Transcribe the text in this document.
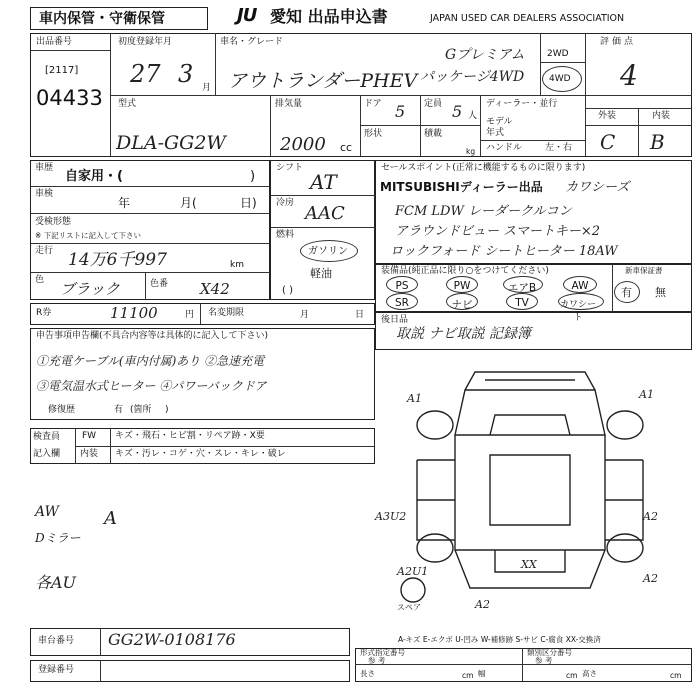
車内保管・守衛保管	JU 愛知 出品申込書	JAPAN USED CAR DEALERS ASSOCIATION
出品番号
[2117]
04433
初度登録年月
27 3 月
車名・グレード
アウトランダーPHEV
Gプレミアム
パッケージ4WD
2WD
4WD
評価点
4
外装	内装
C B
型式
DLA-GG2W
排気量
2000 cc
ドア 5 定員 5 人
形状	積載
kg
ディーラー・並行
モデル
年式
ハンドル	左・右
車歴
自家用・(	)
車検
年	月(	日)
受検形態
※ 下記リストに記入して下さい
走行 14万6千997	km
色 ブラック	色番 X42
シフト
AT
冷房 AAC
燃料
ガソリン
軽油
( )
セールスポイント(正常に機能するものに限ります)
MITSUBISHIディーラー出品 カワシーズ
FCM LDW レーダークルコン
アラウンドビュー スマートキー×2
ロックフォード シートヒーター 18AW
装備品(純正品に限り○をつけてください)
PS	PW	エアB	AW
SR	ナビ	TV	カワシート
新車保証書
有 無
R券	11100	円 名変期限	月	日 後日品
取説 ナビ取説 記録簿
申告事項申告欄(不具合内容等は具体的に記入して下さい)
①充電ケーブル(車内付属)あり ②急速充電
③電気温水式ヒーター ④パワーバックドア
修復歴	有 (箇所 )
検査員
記入欄
FW キズ・飛石・ヒビ割・リペア跡・X要
内装 キズ・汚レ・コゲ・穴・スレ・キレ・破レ
AW
Dミラー
A
各AU
A1	A1
A3U2	A2
A2U1
A2
XX
A2
スペア
A-キズ E-エクボ U-凹み W-補修跡 S-サビ C-腐食 XX-交換済
車台番号 GG2W-0108176
登録番号
形式指定番号
参 考
類別区分番号
参 考
長さ	cm 幅	cm 高さ	cm
